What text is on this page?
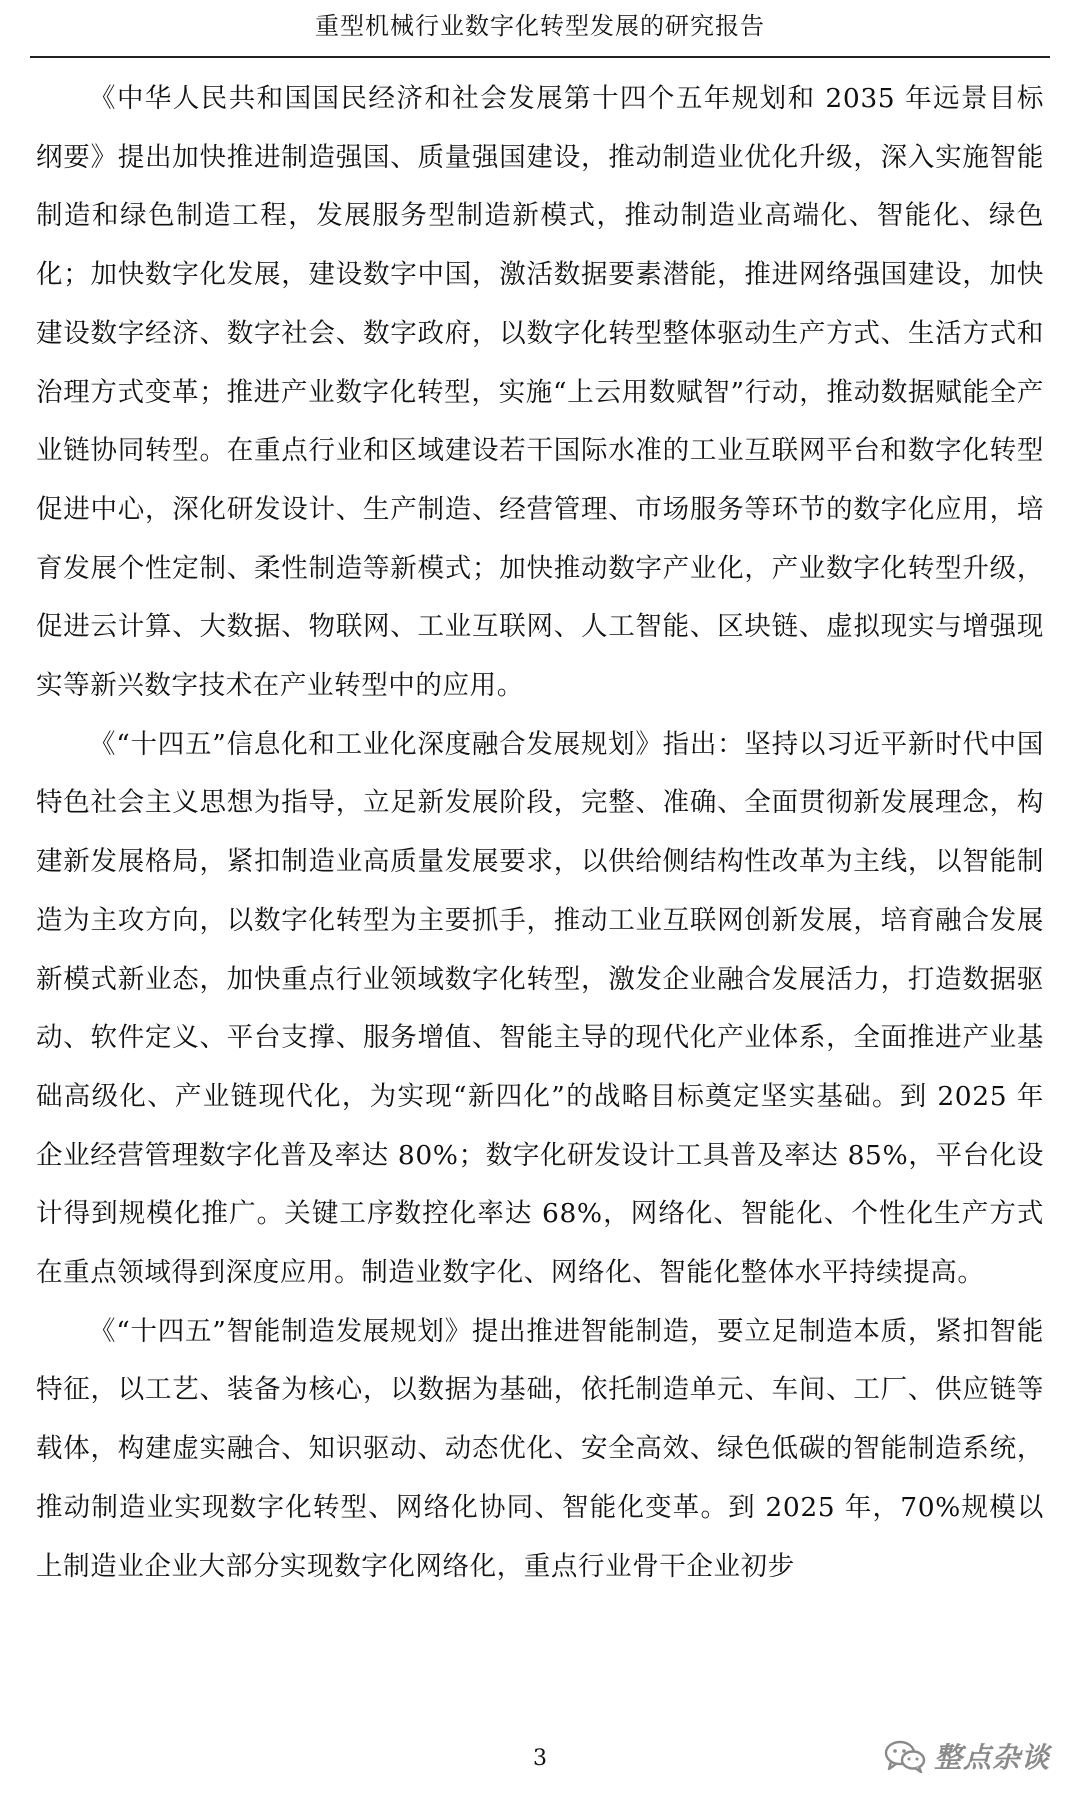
重型机械行业数字化转型发展的研究报告

《中华人民共和国国民经济和社会发展第十四个五年规划和 2035 年远景目标纲要》提出加快推进制造强国、质量强国建设，推动制造业优化升级，深入实施智能制造和绿色制造工程，发展服务型制造新模式，推动制造业高端化、智能化、绿色化；加快数字化发展，建设数字中国，激活数据要素潜能，推进网络强国建设，加快建设数字经济、数字社会、数字政府，以数字化转型整体驱动生产方式、生活方式和治理方式变革；推进产业数字化转型，实施“上云用数赋智”行动，推动数据赋能全产业链协同转型。在重点行业和区域建设若干国际水准的工业互联网平台和数字化转型促进中心，深化研发设计、生产制造、经营管理、市场服务等环节的数字化应用，培育发展个性定制、柔性制造等新模式；加快推动数字产业化，产业数字化转型升级，促进云计算、大数据、物联网、工业互联网、人工智能、区块链、虚拟现实与增强现实等新兴数字技术在产业转型中的应用。

《“十四五”信息化和工业化深度融合发展规划》指出：坚持以习近平新时代中国特色社会主义思想为指导，立足新发展阶段，完整、准确、全面贯彻新发展理念，构建新发展格局，紧扣制造业高质量发展要求，以供给侧结构性改革为主线，以智能制造为主攻方向，以数字化转型为主要抓手，推动工业互联网创新发展，培育融合发展新模式新业态，加快重点行业领域数字化转型，激发企业融合发展活力，打造数据驱动、软件定义、平台支撑、服务增值、智能主导的现代化产业体系，全面推进产业基础高级化、产业链现代化，为实现“新四化”的战略目标奠定坚实基础。到 2025 年企业经营管理数字化普及率达 80%；数字化研发设计工具普及率达 85%，平台化设计得到规模化推广。关键工序数控化率达 68%，网络化、智能化、个性化生产方式在重点领域得到深度应用。制造业数字化、网络化、智能化整体水平持续提高。

《“十四五”智能制造发展规划》提出推进智能制造，要立足制造本质，紧扣智能特征，以工艺、装备为核心，以数据为基础，依托制造单元、车间、工厂、供应链等载体，构建虚实融合、知识驱动、动态优化、安全高效、绿色低碳的智能制造系统，推动制造业实现数字化转型、网络化协同、智能化变革。到 2025 年，70%规模以上制造业企业大部分实现数字化网络化，重点行业骨干企业初步

3	整点杂谈
